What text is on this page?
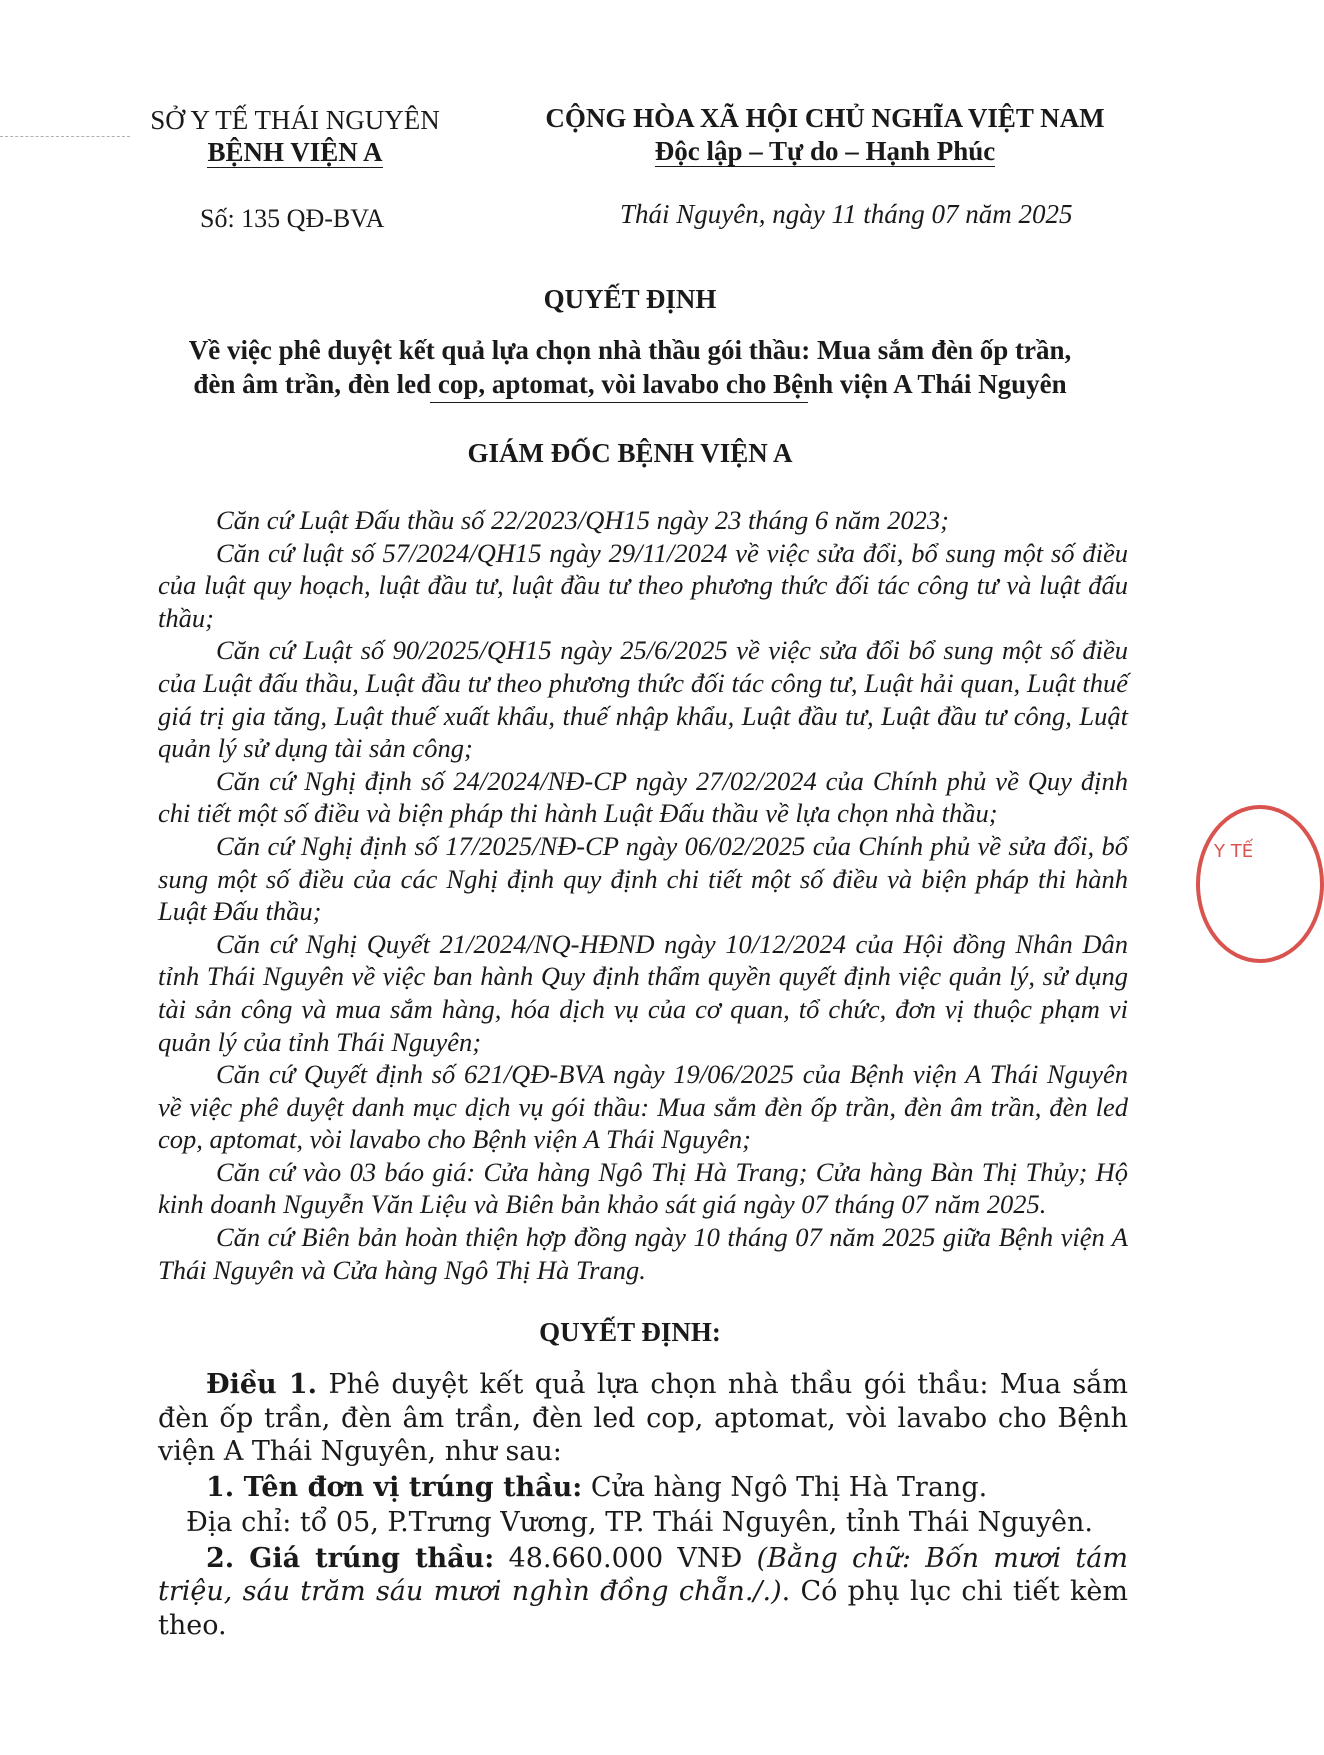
SỞ Y TẾ THÁI NGUYÊN
BỆNH VIỆN A
CỘNG HÒA XÃ HỘI CHỦ NGHĨA VIỆT NAM
Độc lập – Tự do – Hạnh Phúc
Số: 135 QĐ-BVA	Thái Nguyên, ngày 11 tháng 07 năm 2025
QUYẾT ĐỊNH
Về việc phê duyệt kết quả lựa chọn nhà thầu gói thầu: Mua sắm đèn ốp trần,
đèn âm trần, đèn led cop, aptomat, vòi lavabo cho Bệnh viện A Thái Nguyên
GIÁM ĐỐC BỆNH VIỆN A

Căn cứ Luật Đấu thầu số 22/2023/QH15 ngày 23 tháng 6 năm 2023;

Căn cứ luật số 57/2024/QH15 ngày 29/11/2024 về việc sửa đổi, bổ sung một số điều của luật quy hoạch, luật đầu tư, luật đầu tư theo phương thức đối tác công tư và luật đấu thầu;

Căn cứ Luật số 90/2025/QH15 ngày 25/6/2025 về việc sửa đổi bổ sung một số điều của Luật đấu thầu, Luật đầu tư theo phương thức đối tác công tư, Luật hải quan, Luật thuế giá trị gia tăng, Luật thuế xuất khẩu, thuế nhập khẩu, Luật đầu tư, Luật đầu tư công, Luật quản lý sử dụng tài sản công;

Căn cứ Nghị định số 24/2024/NĐ-CP ngày 27/02/2024 của Chính phủ về Quy định chi tiết một số điều và biện pháp thi hành Luật Đấu thầu về lựa chọn nhà thầu;

Căn cứ Nghị định số 17/2025/NĐ-CP ngày 06/02/2025 của Chính phủ về sửa đổi, bổ sung một số điều của các Nghị định quy định chi tiết một số điều và biện pháp thi hành Luật Đấu thầu;

Căn cứ Nghị Quyết 21/2024/NQ-HĐND ngày 10/12/2024 của Hội đồng Nhân Dân tỉnh Thái Nguyên về việc ban hành Quy định thẩm quyền quyết định việc quản lý, sử dụng tài sản công và mua sắm hàng, hóa dịch vụ của cơ quan, tổ chức, đơn vị thuộc phạm vi quản lý của tỉnh Thái Nguyên;

Căn cứ Quyết định số 621/QĐ-BVA ngày 19/06/2025 của Bệnh viện A Thái Nguyên về việc phê duyệt danh mục dịch vụ gói thầu: Mua sắm đèn ốp trần, đèn âm trần, đèn led cop, aptomat, vòi lavabo cho Bệnh viện A Thái Nguyên;

Căn cứ vào 03 báo giá: Cửa hàng Ngô Thị Hà Trang; Cửa hàng Bàn Thị Thủy; Hộ kinh doanh Nguyễn Văn Liệu và Biên bản khảo sát giá ngày 07 tháng 07 năm 2025.

Căn cứ Biên bản hoàn thiện hợp đồng ngày 10 tháng 07 năm 2025 giữa Bệnh viện A Thái Nguyên và Cửa hàng Ngô Thị Hà Trang.

QUYẾT ĐỊNH:

Điều 1. Phê duyệt kết quả lựa chọn nhà thầu gói thầu: Mua sắm đèn ốp trần, đèn âm trần, đèn led cop, aptomat, vòi lavabo cho Bệnh viện A Thái Nguyên, như sau:

1. Tên đơn vị trúng thầu: Cửa hàng Ngô Thị Hà Trang.

Địa chỉ: tổ 05, P.Trưng Vương, TP. Thái Nguyên, tỉnh Thái Nguyên.

2. Giá trúng thầu: 48.660.000 VNĐ (Bằng chữ: Bốn mươi tám triệu, sáu trăm sáu mươi nghìn đồng chẵn./.). Có phụ lục chi tiết kèm theo.

Y TẾ
